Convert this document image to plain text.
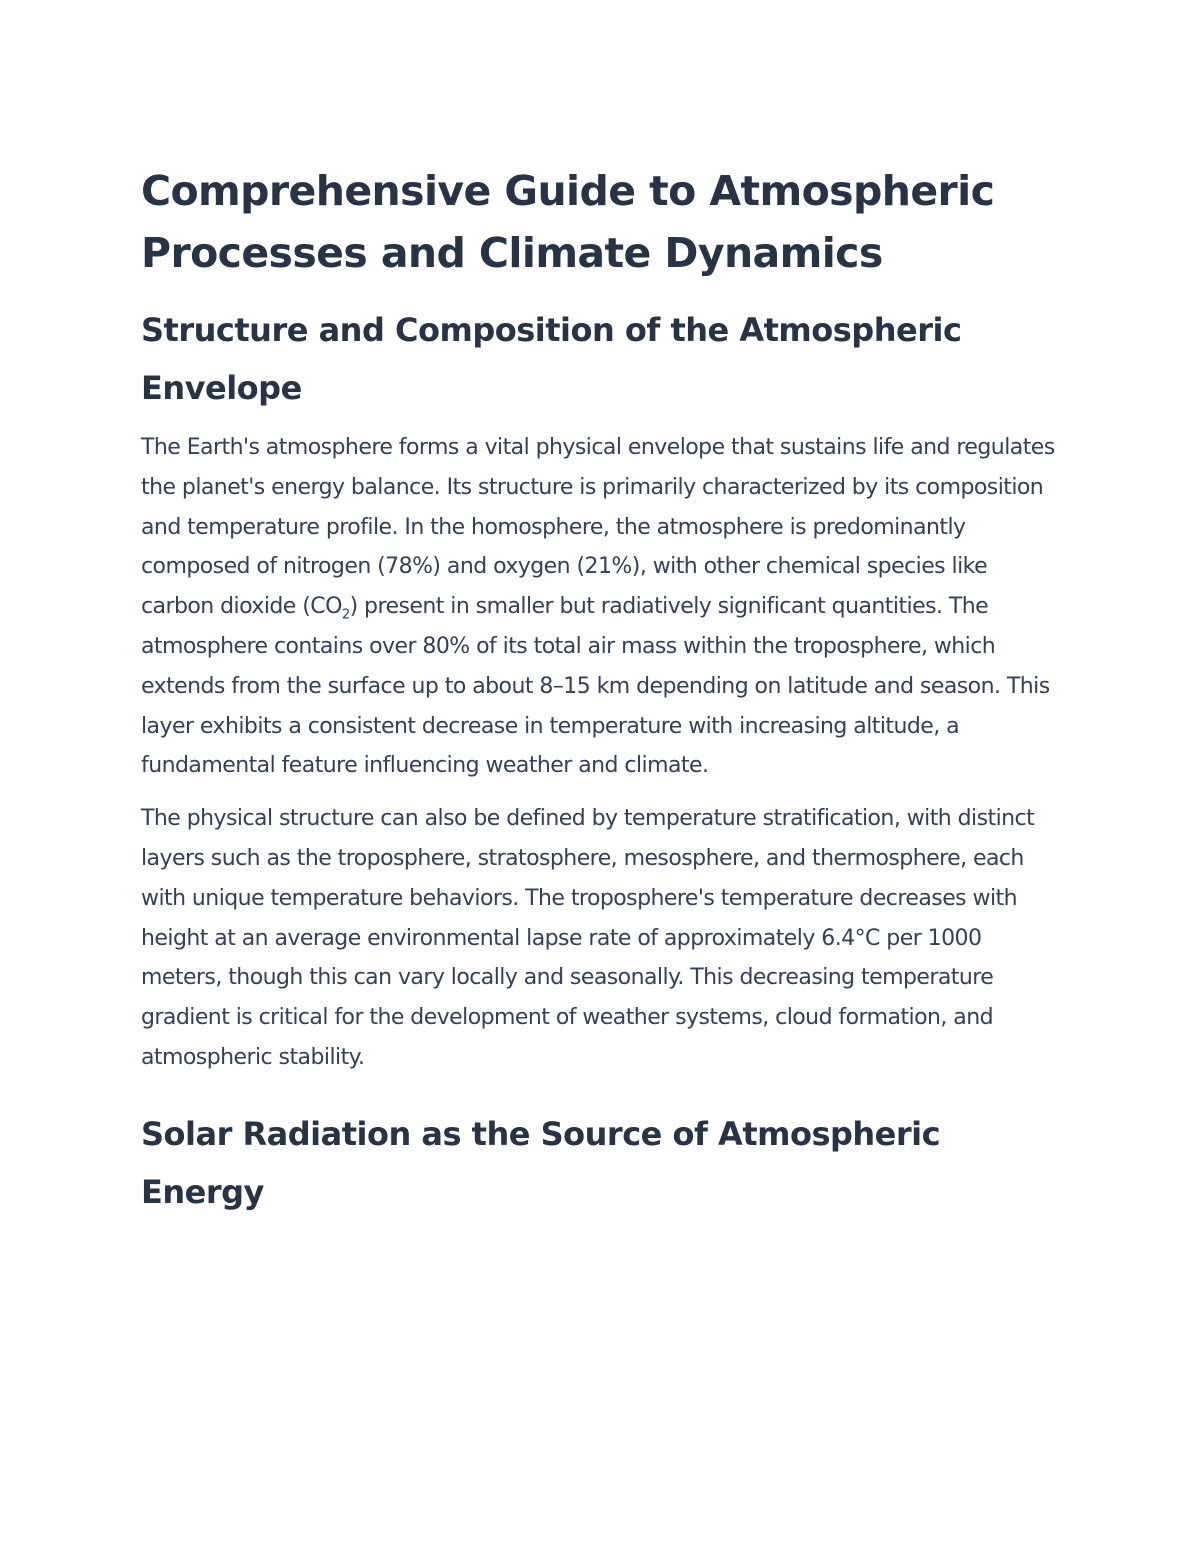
Comprehensive Guide to Atmospheric Processes and Climate Dynamics
Structure and Composition of the Atmospheric Envelope

The Earth's atmosphere forms a vital physical envelope that sustains life and regulates the planet's energy balance. Its structure is primarily characterized by its composition and temperature profile. In the homosphere, the atmosphere is predominantly composed of nitrogen (78%) and oxygen (21%), with other chemical species like carbon dioxide $(CO_2)$ present in smaller but radiatively significant quantities. The atmosphere contains over 80% of its total air mass within the troposphere, which extends from the surface up to about 8–15 km depending on latitude and season. This layer exhibits a consistent decrease in temperature with increasing altitude, a fundamental feature influencing weather and climate.

The physical structure can also be defined by temperature stratification, with distinct layers such as the troposphere, stratosphere, mesosphere, and thermosphere, each with unique temperature behaviors. The troposphere's temperature decreases with height at an average environmental lapse rate of approximately 6.4°C per 1000 meters, though this can vary locally and seasonally. This decreasing temperature gradient is critical for the development of weather systems, cloud formation, and atmospheric stability.

Solar Radiation as the Source of Atmospheric Energy
